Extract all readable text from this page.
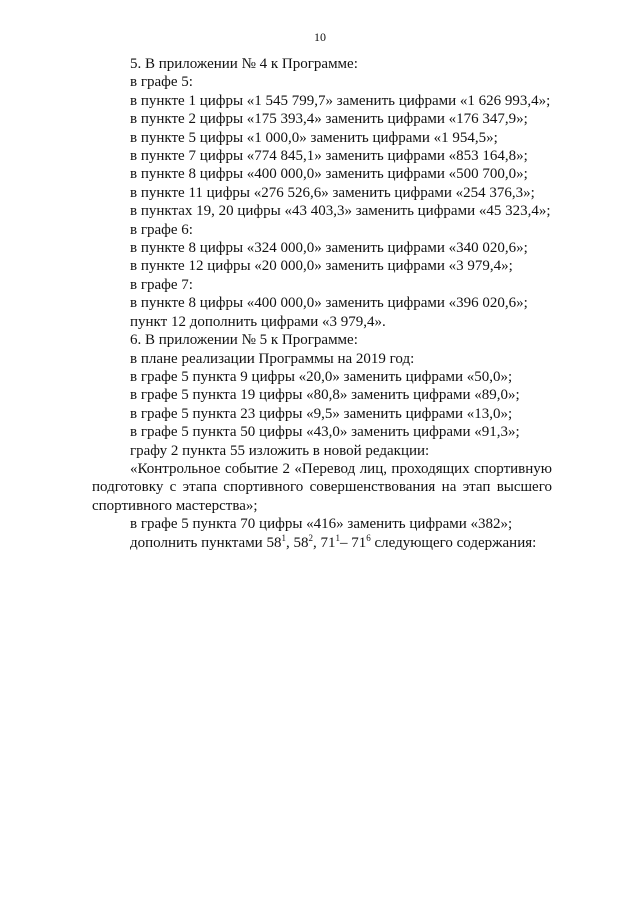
10
5. В приложении № 4 к Программе:
в графе 5:
в пункте 1 цифры «1 545 799,7» заменить цифрами «1 626 993,4»;
в пункте 2 цифры «175 393,4» заменить цифрами «176 347,9»;
в пункте 5 цифры «1 000,0» заменить цифрами «1 954,5»;
в пункте 7 цифры «774 845,1» заменить цифрами «853 164,8»;
в пункте 8 цифры «400 000,0» заменить цифрами «500 700,0»;
в пункте 11 цифры «276 526,6» заменить цифрами «254 376,3»;
в пунктах 19, 20 цифры «43 403,3» заменить цифрами «45 323,4»;
в графе 6:
в пункте 8 цифры «324 000,0» заменить цифрами «340 020,6»;
в пункте 12 цифры «20 000,0» заменить цифрами «3 979,4»;
в графе 7:
в пункте 8 цифры «400 000,0» заменить цифрами «396 020,6»;
пункт 12 дополнить цифрами «3 979,4».
6. В приложении № 5 к Программе:
в плане реализации Программы на 2019 год:
в графе 5 пункта 9 цифры «20,0» заменить цифрами «50,0»;
в графе 5 пункта 19 цифры «80,8» заменить цифрами «89,0»;
в графе 5 пункта 23 цифры «9,5» заменить цифрами «13,0»;
в графе 5 пункта 50 цифры «43,0» заменить цифрами «91,3»;
графу 2 пункта 55 изложить в новой редакции:
«Контрольное событие 2 «Перевод лиц, проходящих спортивную подготовку с этапа спортивного совершенствования на этап высшего спортивного мастерства»;
в графе 5 пункта 70 цифры «416» заменить цифрами «382»;
дополнить пунктами $58^1$, $58^2$, $71^1-$ $71^6$ следующего содержания:
